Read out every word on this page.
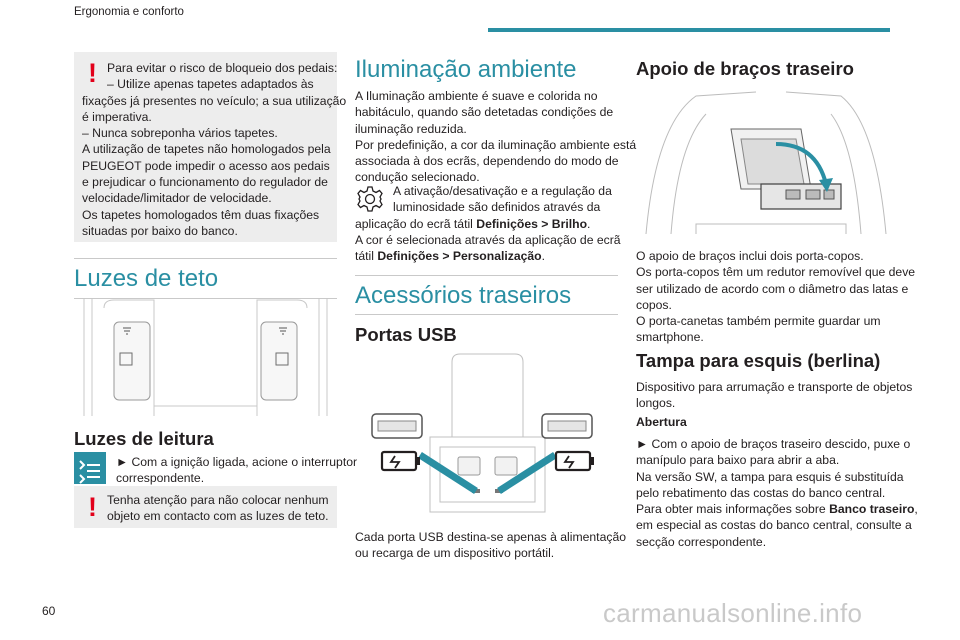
Ergonomia e conforto
! Para evitar o risco de bloqueio dos pedais:
– Utilize apenas tapetes adaptados às
fixações já presentes no veículo; a sua utilização
é imperativa.
– Nunca sobreponha vários tapetes.
A utilização de tapetes não homologados pela
PEUGEOT pode impedir o acesso aos pedais
e prejudicar o funcionamento do regulador de
velocidade/limitador de velocidade.
Os tapetes homologados têm duas fixações
situadas por baixo do banco.
Luzes de teto
Luzes de leitura
► Com a ignição ligada, acione o interruptor
correspondente.
! Tenha atenção para não colocar nenhum
objeto em contacto com as luzes de teto.
Iluminação ambiente
A Iluminação ambiente é suave e colorida no
habitáculo, quando são detetadas condições de
iluminação reduzida.
Por predefinição, a cor da iluminação ambiente está
associada à dos ecrãs, dependendo do modo de
condução selecionado.
A ativação/desativação e a regulação da
luminosidade são definidos através da
aplicação do ecrã tátil Definições > Brilho.
A cor é selecionada através da aplicação de ecrã
tátil Definições > Personalização.
Acessórios traseiros
Portas USB
Cada porta USB destina-se apenas à alimentação
ou recarga de um dispositivo portátil.
Apoio de braços traseiro
O apoio de braços inclui dois porta-copos.
Os porta-copos têm um redutor removível que deve
ser utilizado de acordo com o diâmetro das latas e
copos.
O porta-canetas também permite guardar um
smartphone.
Tampa para esquis (berlina)
Dispositivo para arrumação e transporte de objetos
longos.
Abertura
► Com o apoio de braços traseiro descido, puxe o
manípulo para baixo para abrir a aba.
Na versão SW, a tampa para esquis é substituída
pelo rebatimento das costas do banco central.
Para obter mais informações sobre Banco traseiro,
em especial as costas do banco central, consulte a
secção correspondente.
60	carmanualsonline.info
